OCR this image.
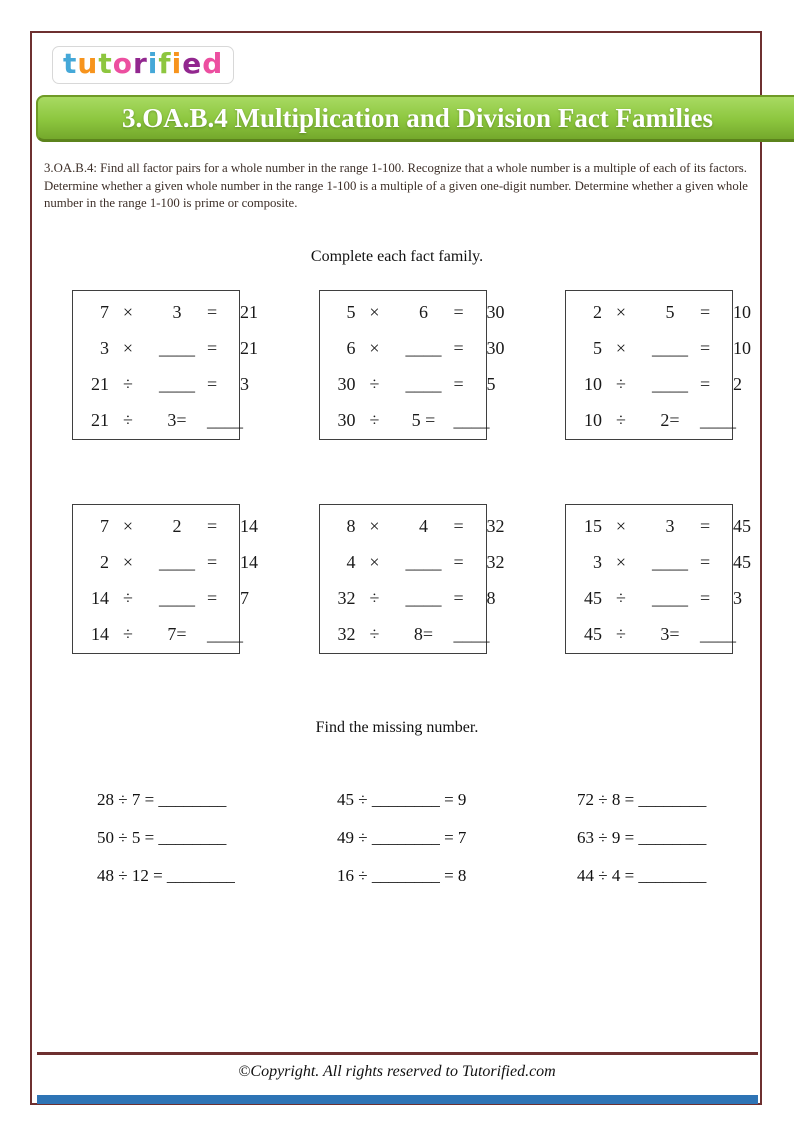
tutorified
3.OA.B.4 Multiplication and Division Fact Families

3.OA.B.4: Find all factor pairs for a whole number in the range 1-100. Recognize that a whole number is a multiple of each of its factors. Determine whether a given whole number in the range 1-100 is a multiple of a given one-digit number. Determine whether a given whole number in the range 1-100 is prime or composite.

Complete each fact family.
7 ×	3	=	21
3 ×	____ =	21
21 ÷	____ =	3
21 ÷	3=	____
5 ×	6	=	30
6 ×	____ =	30
30 ÷	____ =	5
30 ÷	5 =	____
2 ×	5	=	10
5 ×	____ =	10
10 ÷	____ =	2
10 ÷	2=	____
7 ×	2	=	14
2 ×	____ =	14
14 ÷	____ =	7
14 ÷	7=	____
8 ×	4	=	32
4 ×	____ =	32
32 ÷	____ =	8
32 ÷	8=	____
15 ×	3	=	45
3 ×	____ =	45
45 ÷	____ =	3
45 ÷	3=	____
Find the missing number.
28 ÷ 7 = ________
50 ÷ 5 = ________
48 ÷ 12 = ________
45 ÷ ________ = 9
49 ÷ ________ = 7
16 ÷ ________ = 8
72 ÷ 8 = ________
63 ÷ 9 = ________
44 ÷ 4 = ________
©Copyright. All rights reserved to Tutorified.com
